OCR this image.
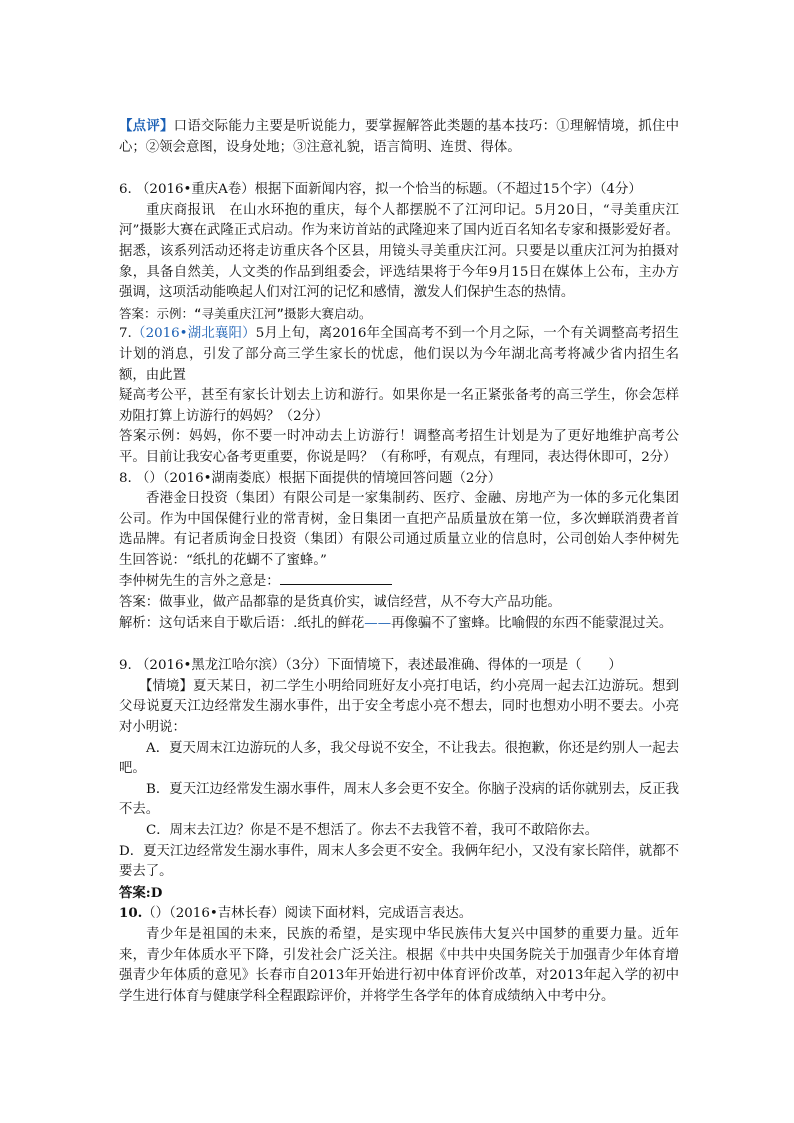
【点评】口语交际能力主要是听说能力，要掌握解答此类题的基本技巧：①理解情境，抓住中心；②领会意图，设身处地；③注意礼貌，语言简明、连贯、得体。

6. （2016•重庆A卷）根据下面新闻内容，拟一个恰当的标题。（不超过15个字）（4分）

重庆商报讯　在山水环抱的重庆，每个人都摆脱不了江河印记。5月20日，“寻美重庆江河”摄影大赛在武隆正式启动。作为来访首站的武隆迎来了国内近百名知名专家和摄影爱好者。据悉，该系列活动还将走访重庆各个区县，用镜头寻美重庆江河。只要是以重庆江河为拍摄对象，具备自然美，人文类的作品到组委会，评选结果将于今年9月15日在媒体上公布，主办方强调，这项活动能唤起人们对江河的记忆和感情，激发人们保护生态的热情。

答案：示例：“寻美重庆江河”摄影大赛启动。

7.（2016•湖北襄阳）5月上旬，离2016年全国高考不到一个月之际，一个有关调整高考招生计划的消息，引发了部分高三学生家长的忧虑，他们误以为今年湖北高考将减少省内招生名额，由此置

疑高考公平，甚至有家长计划去上访和游行。如果你是一名正紧张备考的高三学生，你会怎样劝阻打算上访游行的妈妈？（2分）

答案示例：妈妈，你不要一时冲动去上访游行！调整高考招生计划是为了更好地维护高考公平。目前让我安心备考更重要，你说是吗？（有称呼，有观点，有理同，表达得休即可，2分）

8. （）（2016•湖南娄底）根据下面提供的情境回答问题（2分）

香港金日投资（集团）有限公司是一家集制药、医疗、金融、房地产为一体的多元化集团公司。作为中国保健行业的常青树，金日集团一直把产品质量放在第一位，多次蝉联消费者首选品牌。有记者质询金日投资（集团）有限公司通过质量立业的信息时，公司创始人李仲树先生回答说：“纸扎的花蝴不了蜜蜂。”

李仲树先生的言外之意是：

答案：做事业，做产品都靠的是货真价实，诚信经营，从不夸大产品功能。

解析：这句话来自于歇后语：.纸扎的鲜花——再像骗不了蜜蜂。比喻假的东西不能蒙混过关。

9. （2016•黑龙江哈尔滨）（3分）下面情境下，表述最准确、得体的一项是（　　）

【情境】夏天某日，初二学生小明给同班好友小亮打电话，约小亮周一起去江边游玩。想到父母说夏天江边经常发生溺水事件，出于安全考虑小亮不想去，同时也想劝小明不要去。小亮对小明说：

A．夏天周末江边游玩的人多，我父母说不安全，不让我去。很抱歉，你还是约别人一起去吧。

B．夏天江边经常发生溺水事件，周末人多会更不安全。你脑子没病的话你就别去，反正我不去。

C．周末去江边？你是不是不想活了。你去不去我管不着，我可不敢陪你去。

D．夏天江边经常发生溺水事件，周末人多会更不安全。我俩年纪小，又没有家长陪伴，就都不要去了。

答案:D

10.（）（2016•吉林长春）阅读下面材料，完成语言表达。

青少年是祖国的未来，民族的希望，是实现中华民族伟大复兴中国梦的重要力量。近年来，青少年体质水平下降，引发社会广泛关注。根据《中共中央国务院关于加强青少年体育增强青少年体质的意见》长春市自2013年开始进行初中体育评价改革，对2013年起入学的初中学生进行体育与健康学科全程跟踪评价，并将学生各学年的体育成绩纳入中考中分。
